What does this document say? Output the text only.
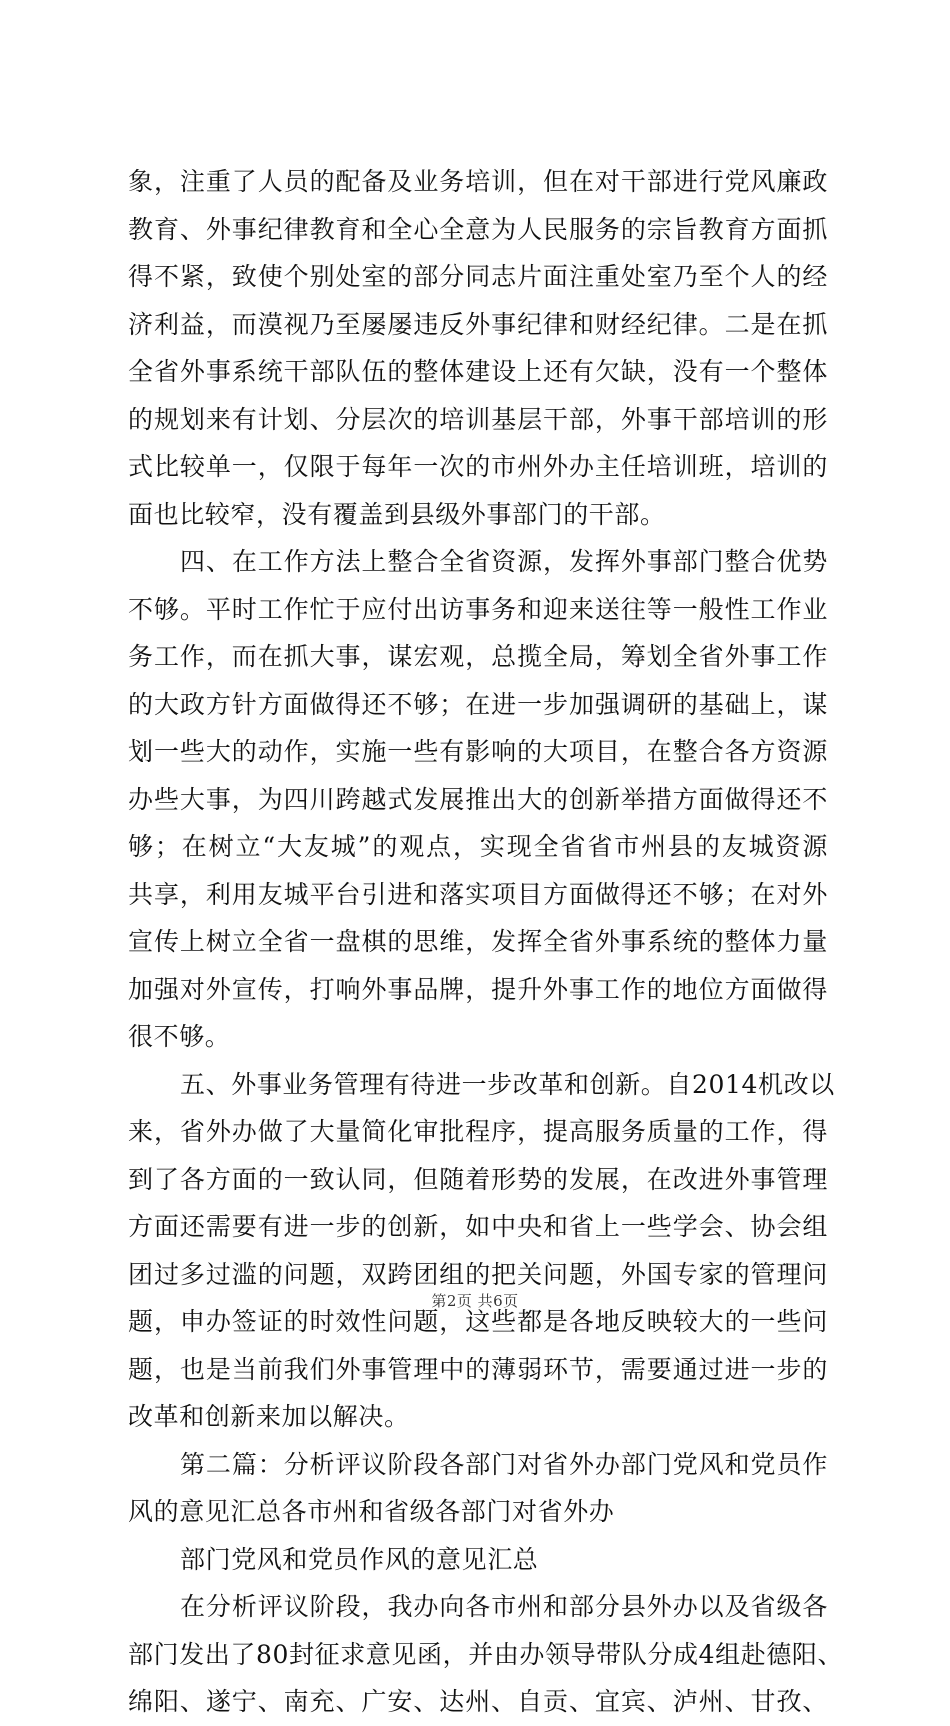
象，注重了人员的配备及业务培训，但在对干部进行党风廉政
教育、外事纪律教育和全心全意为人民服务的宗旨教育方面抓
得不紧，致使个别处室的部分同志片面注重处室乃至个人的经
济利益，而漠视乃至屡屡违反外事纪律和财经纪律。二是在抓
全省外事系统干部队伍的整体建设上还有欠缺，没有一个整体
的规划来有计划、分层次的培训基层干部，外事干部培训的形
式比较单一，仅限于每年一次的市州外办主任培训班，培训的
面也比较窄，没有覆盖到县级外事部门的干部。
四、在工作方法上整合全省资源，发挥外事部门整合优势
不够。平时工作忙于应付出访事务和迎来送往等一般性工作业
务工作，而在抓大事，谋宏观，总揽全局，筹划全省外事工作
的大政方针方面做得还不够；在进一步加强调研的基础上，谋
划一些大的动作，实施一些有影响的大项目，在整合各方资源
办些大事，为四川跨越式发展推出大的创新举措方面做得还不
够；在树立“大友城”的观点，实现全省省市州县的友城资源
共享，利用友城平台引进和落实项目方面做得还不够；在对外
宣传上树立全省一盘棋的思维，发挥全省外事系统的整体力量
加强对外宣传，打响外事品牌，提升外事工作的地位方面做得
很不够。
五、外事业务管理有待进一步改革和创新。自2014机改以
来，省外办做了大量简化审批程序，提高服务质量的工作，得
到了各方面的一致认同，但随着形势的发展，在改进外事管理
方面还需要有进一步的创新，如中央和省上一些学会、协会组
团过多过滥的问题，双跨团组的把关问题，外国专家的管理问
题，申办签证的时效性问题，这些都是各地反映较大的一些问
题，也是当前我们外事管理中的薄弱环节，需要通过进一步的
改革和创新来加以解决。
第二篇：分析评议阶段各部门对省外办部门党风和党员作
风的意见汇总各市州和省级各部门对省外办
部门党风和党员作风的意见汇总
在分析评议阶段，我办向各市州和部分县外办以及省级各
部门发出了80封征求意见函，并由办领导带队分成4组赴德阳、
绵阳、遂宁、南充、广安、达州、自贡、宜宾、泸州、甘孜、
第2页 共6页
